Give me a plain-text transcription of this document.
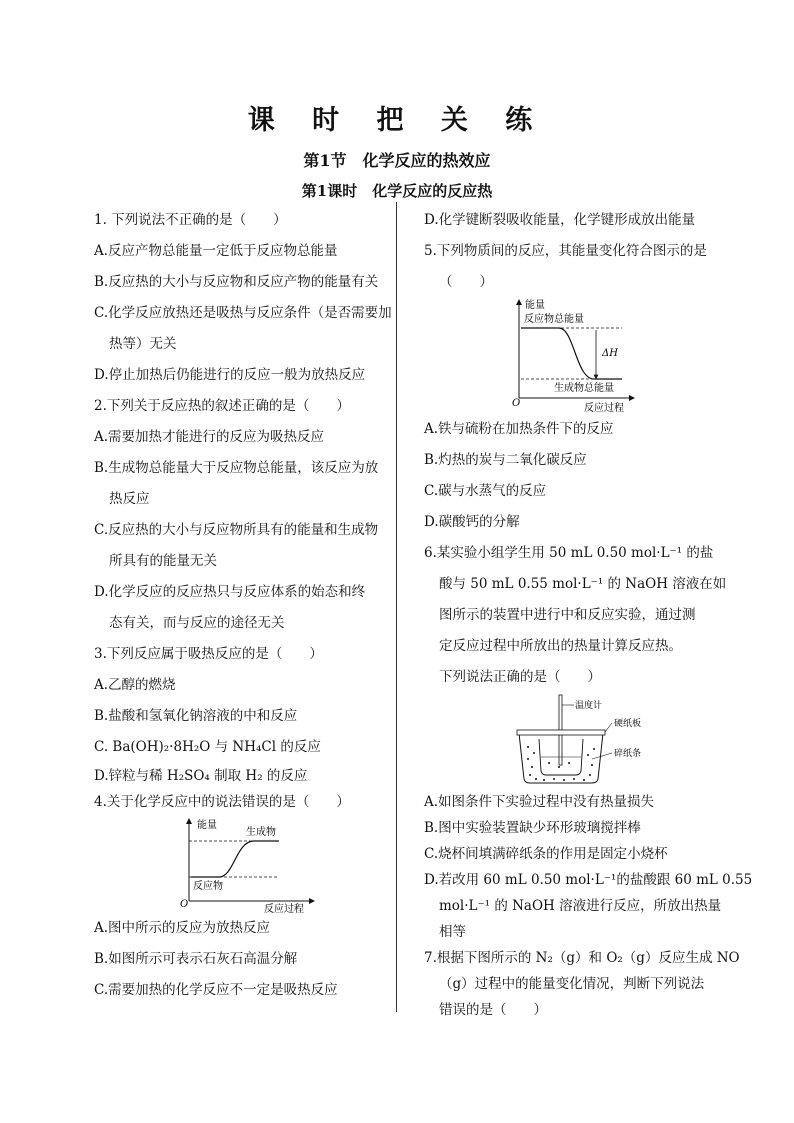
课 时 把 关 练
第1节　化学反应的热效应
第1课时　化学反应的反应热
1. 下列说法不正确的是（　　）
A.反应产物总能量一定低于反应物总能量
B.反应热的大小与反应物和反应产物的能量有关
C.化学反应放热还是吸热与反应条件（是否需要加
热等）无关
D.停止加热后仍能进行的反应一般为放热反应
2.下列关于反应热的叙述正确的是（　　）
A.需要加热才能进行的反应为吸热反应
B.生成物总能量大于反应物总能量，该反应为放
热反应
C.反应热的大小与反应物所具有的能量和生成物
所具有的能量无关
D.化学反应的反应热只与反应体系的始态和终
态有关，而与反应的途径无关
3.下列反应属于吸热反应的是（　　）
A.乙醇的燃烧
B.盐酸和氢氧化钠溶液的中和反应
C. Ba(OH)₂·8H₂O 与 NH₄Cl 的反应
D.锌粒与稀 H₂SO₄ 制取 H₂ 的反应
4.关于化学反应中的说法错误的是（　　）
能量
生成物
反应物
O	反应过程
A.图中所示的反应为放热反应
B.如图所示可表示石灰石高温分解
C.需要加热的化学反应不一定是吸热反应
D.化学键断裂吸收能量，化学键形成放出能量
5.下列物质间的反应，其能量变化符合图示的是
（　　）
能量
反应物总能量
ΔH
生成物总能量
O	反应过程
A.铁与硫粉在加热条件下的反应
B.灼热的炭与二氧化碳反应
C.碳与水蒸气的反应
D.碳酸钙的分解
6.某实验小组学生用 50 mL 0.50 mol·L⁻¹ 的盐
酸与 50 mL 0.55 mol·L⁻¹ 的 NaOH 溶液在如
图所示的装置中进行中和反应实验，通过测
定反应过程中所放出的热量计算反应热。
下列说法正确的是（　　）
温度计
硬纸板
碎纸条
A.如图条件下实验过程中没有热量损失
B.图中实验装置缺少环形玻璃搅拌棒
C.烧杯间填满碎纸条的作用是固定小烧杯
D.若改用 60 mL 0.50 mol·L⁻¹的盐酸跟 60 mL 0.55
mol·L⁻¹ 的 NaOH 溶液进行反应，所放出热量
相等
7.根据下图所示的 N₂（g）和 O₂（g）反应生成 NO
（g）过程中的能量变化情况，判断下列说法
错误的是（　　）
